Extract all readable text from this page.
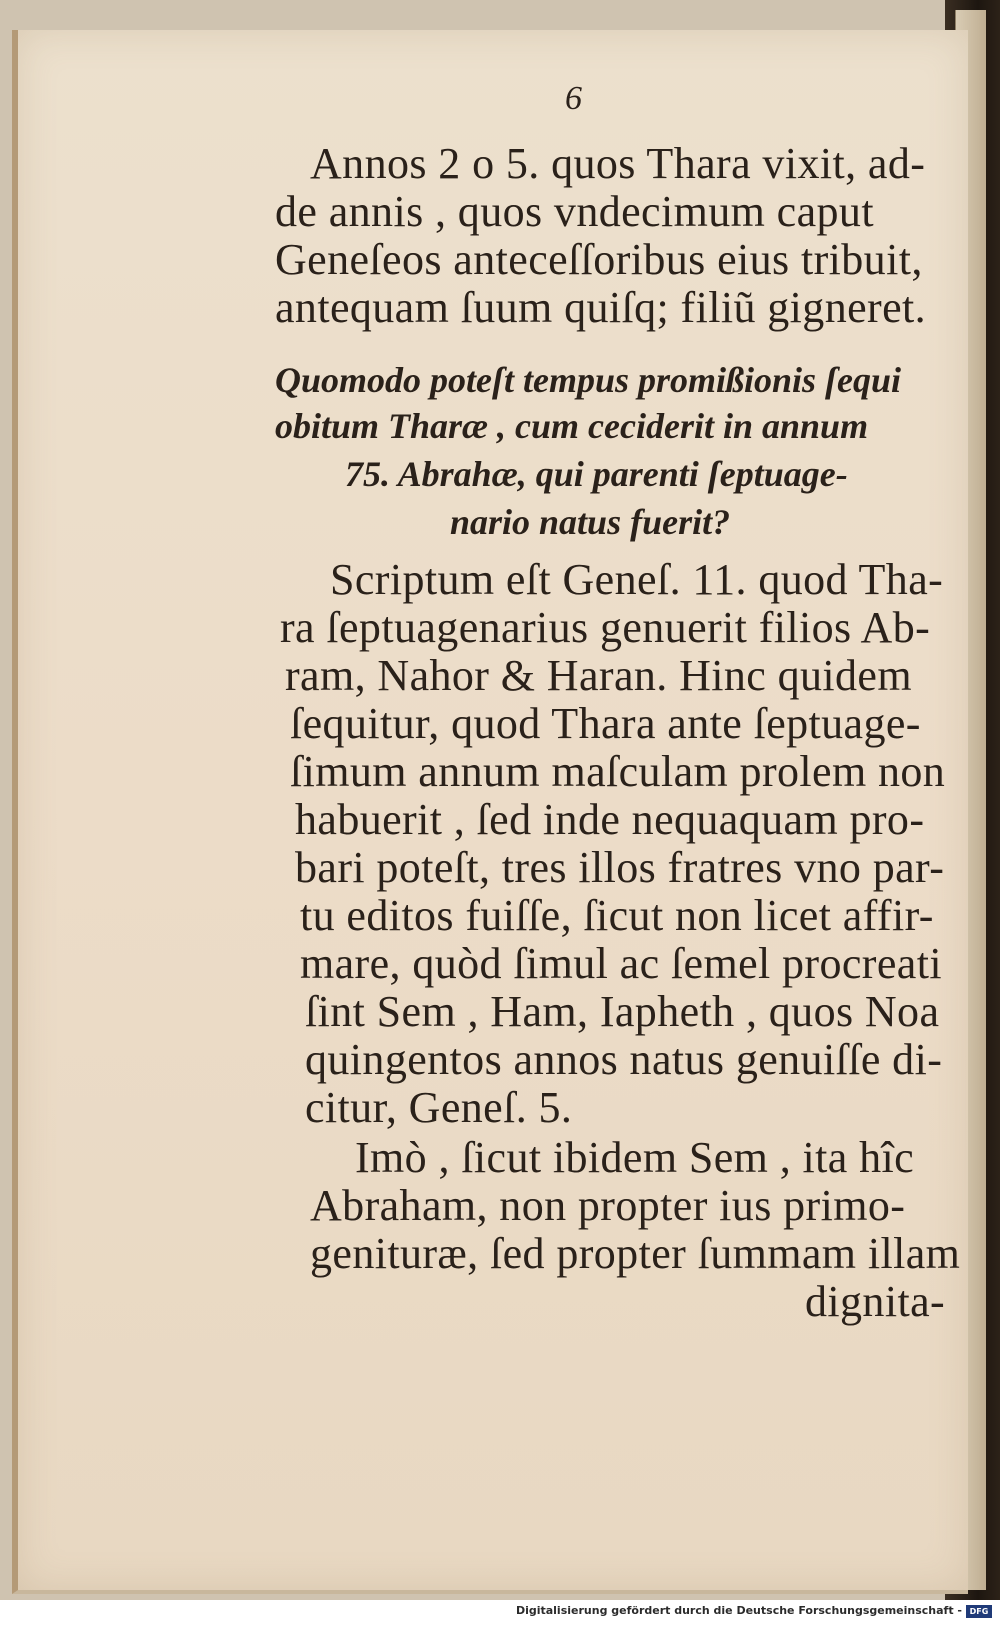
6
Annos 2 o 5. quos Thara vixit, ad-
de annis , quos vndecimum caput
Geneſeos anteceſſoribus eius tribuit,
antequam ſuum quiſq; filiũ gigneret.
Quomodo poteſt tempus promißionis ſequi
obitum Tharæ , cum ceciderit in annum
75. Abrahæ, qui parenti ſeptuage-
nario natus fuerit?
Scriptum eſt Geneſ. 11. quod Tha-
ra ſeptuagenarius genuerit filios Ab-
ram, Nahor & Haran. Hinc quidem
ſequitur, quod Thara ante ſeptuage-
ſimum annum maſculam prolem non
habuerit , ſed inde nequaquam pro-
bari poteſt, tres illos fratres vno par-
tu editos fuiſſe, ſicut non licet affir-
mare, quòd ſimul ac ſemel procreati
ſint Sem , Ham, Iapheth , quos Noa
quingentos annos natus genuiſſe di-
citur, Geneſ. 5.
Imò , ſicut ibidem Sem , ita hîc
Abraham, non propter ius primo-
genituræ, ſed propter ſummam illam
dignita-
Digitalisierung gefördert durch die Deutsche Forschungsgemeinschaft - DFG
